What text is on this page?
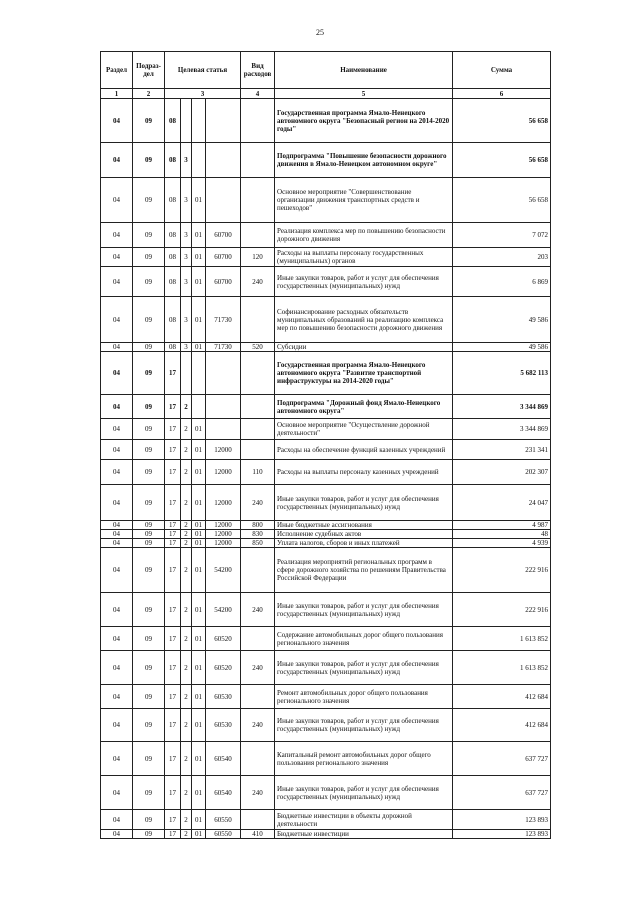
25
Раздел	Подраз-дел	Целевая статья				Вид расходов	Наименование	Сумма
1	2	3				4	5	6
04	09	08					Государственная программа Ямало-Ненецкого автономного округа "Безопасный регион на 2014-2020 годы"	56 658
04	09	08	3				Подпрограмма "Повышение безопасности дорожного движения в Ямало-Ненецком автономном округе"	56 658
04	09	08	3	01			Основное мероприятие "Совершенствование организации движения транспортных средств и пешеходов"	56 658
04	09	08	3	01	60700		Реализация комплекса мер по повышению безопасности дорожного движения	7 072
04	09	08	3	01	60700	120	Расходы на выплаты персоналу государственных (муниципальных) органов	203
04	09	08	3	01	60700	240	Иные закупки товаров, работ и услуг для обеспечения государственных (муниципальных) нужд	6 869
04	09	08	3	01	71730		Софинансирование расходных обязательств муниципальных образований на реализацию комплекса мер по повышению безопасности дорожного движения	49 586
04	09	08	3	01	71730	520	Субсидии	49 586
04	09	17					Государственная программа Ямало-Ненецкого автономного округа "Развитие транспортной инфраструктуры на 2014-2020 годы"	5 682 113
04	09	17	2				Подпрограмма "Дорожный фонд Ямало-Ненецкого автономного округа"	3 344 869
04	09	17	2	01			Основное мероприятие "Осуществление дорожной деятельности"	3 344 869
04	09	17	2	01	12000		Расходы на обеспечение функций казенных учреждений	231 341
04	09	17	2	01	12000	110	Расходы на выплаты персоналу казенных учреждений	202 307
04	09	17	2	01	12000	240	Иные закупки товаров, работ и услуг для обеспечения государственных (муниципальных) нужд	24 047
04	09	17	2	01	12000	800	Иные бюджетные ассигнования	4 987
04	09	17	2	01	12000	830	Исполнение судебных актов	48
04	09	17	2	01	12000	850	Уплата налогов, сборов и иных платежей	4 939
04	09	17	2	01	54200		Реализация мероприятий региональных программ в сфере дорожного хозяйства по решениям Правительства Российской Федерации	222 916
04	09	17	2	01	54200	240	Иные закупки товаров, работ и услуг для обеспечения государственных (муниципальных) нужд	222 916
04	09	17	2	01	60520		Содержание автомобильных дорог общего пользования регионального значения	1 613 852
04	09	17	2	01	60520	240	Иные закупки товаров, работ и услуг для обеспечения государственных (муниципальных) нужд	1 613 852
04	09	17	2	01	60530		Ремонт автомобильных дорог общего пользования регионального значения	412 684
04	09	17	2	01	60530	240	Иные закупки товаров, работ и услуг для обеспечения государственных (муниципальных) нужд	412 684
04	09	17	2	01	60540		Капитальный ремонт автомобильных дорог общего пользования регионального значения	637 727
04	09	17	2	01	60540	240	Иные закупки товаров, работ и услуг для обеспечения государственных (муниципальных) нужд	637 727
04	09	17	2	01	60550		Бюджетные инвестиции в объекты дорожной деятельности	123 893
04	09	17	2	01	60550	410	Бюджетные инвестиции	123 893
